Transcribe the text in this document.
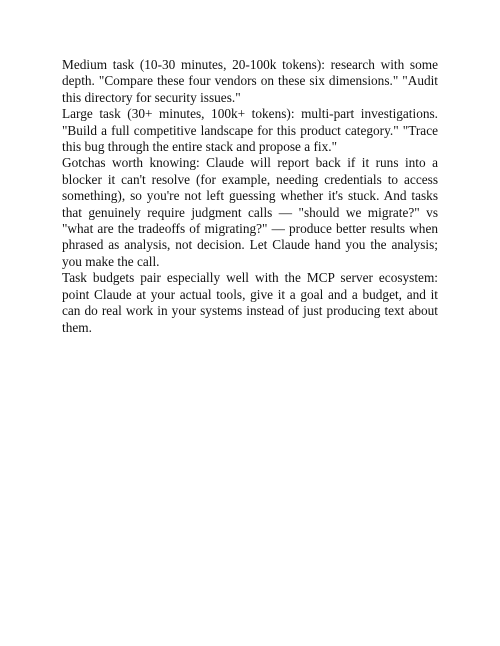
Medium task (10-30 minutes, 20-100k tokens): research with some depth. "Compare these four vendors on these six dimensions." "Audit this directory for security issues."

Large task (30+ minutes, 100k+ tokens): multi-part investigations. "Build a full competitive landscape for this product category." "Trace this bug through the entire stack and propose a fix."

Gotchas worth knowing: Claude will report back if it runs into a blocker it can't resolve (for example, needing credentials to access something), so you're not left guessing whether it's stuck. And tasks that genuinely require judgment calls — "should we migrate?" vs "what are the tradeoffs of migrating?" — produce better results when phrased as analysis, not decision. Let Claude hand you the analysis; you make the call.

Task budgets pair especially well with the MCP server ecosystem: point Claude at your actual tools, give it a goal and a budget, and it can do real work in your systems instead of just producing text about them.
